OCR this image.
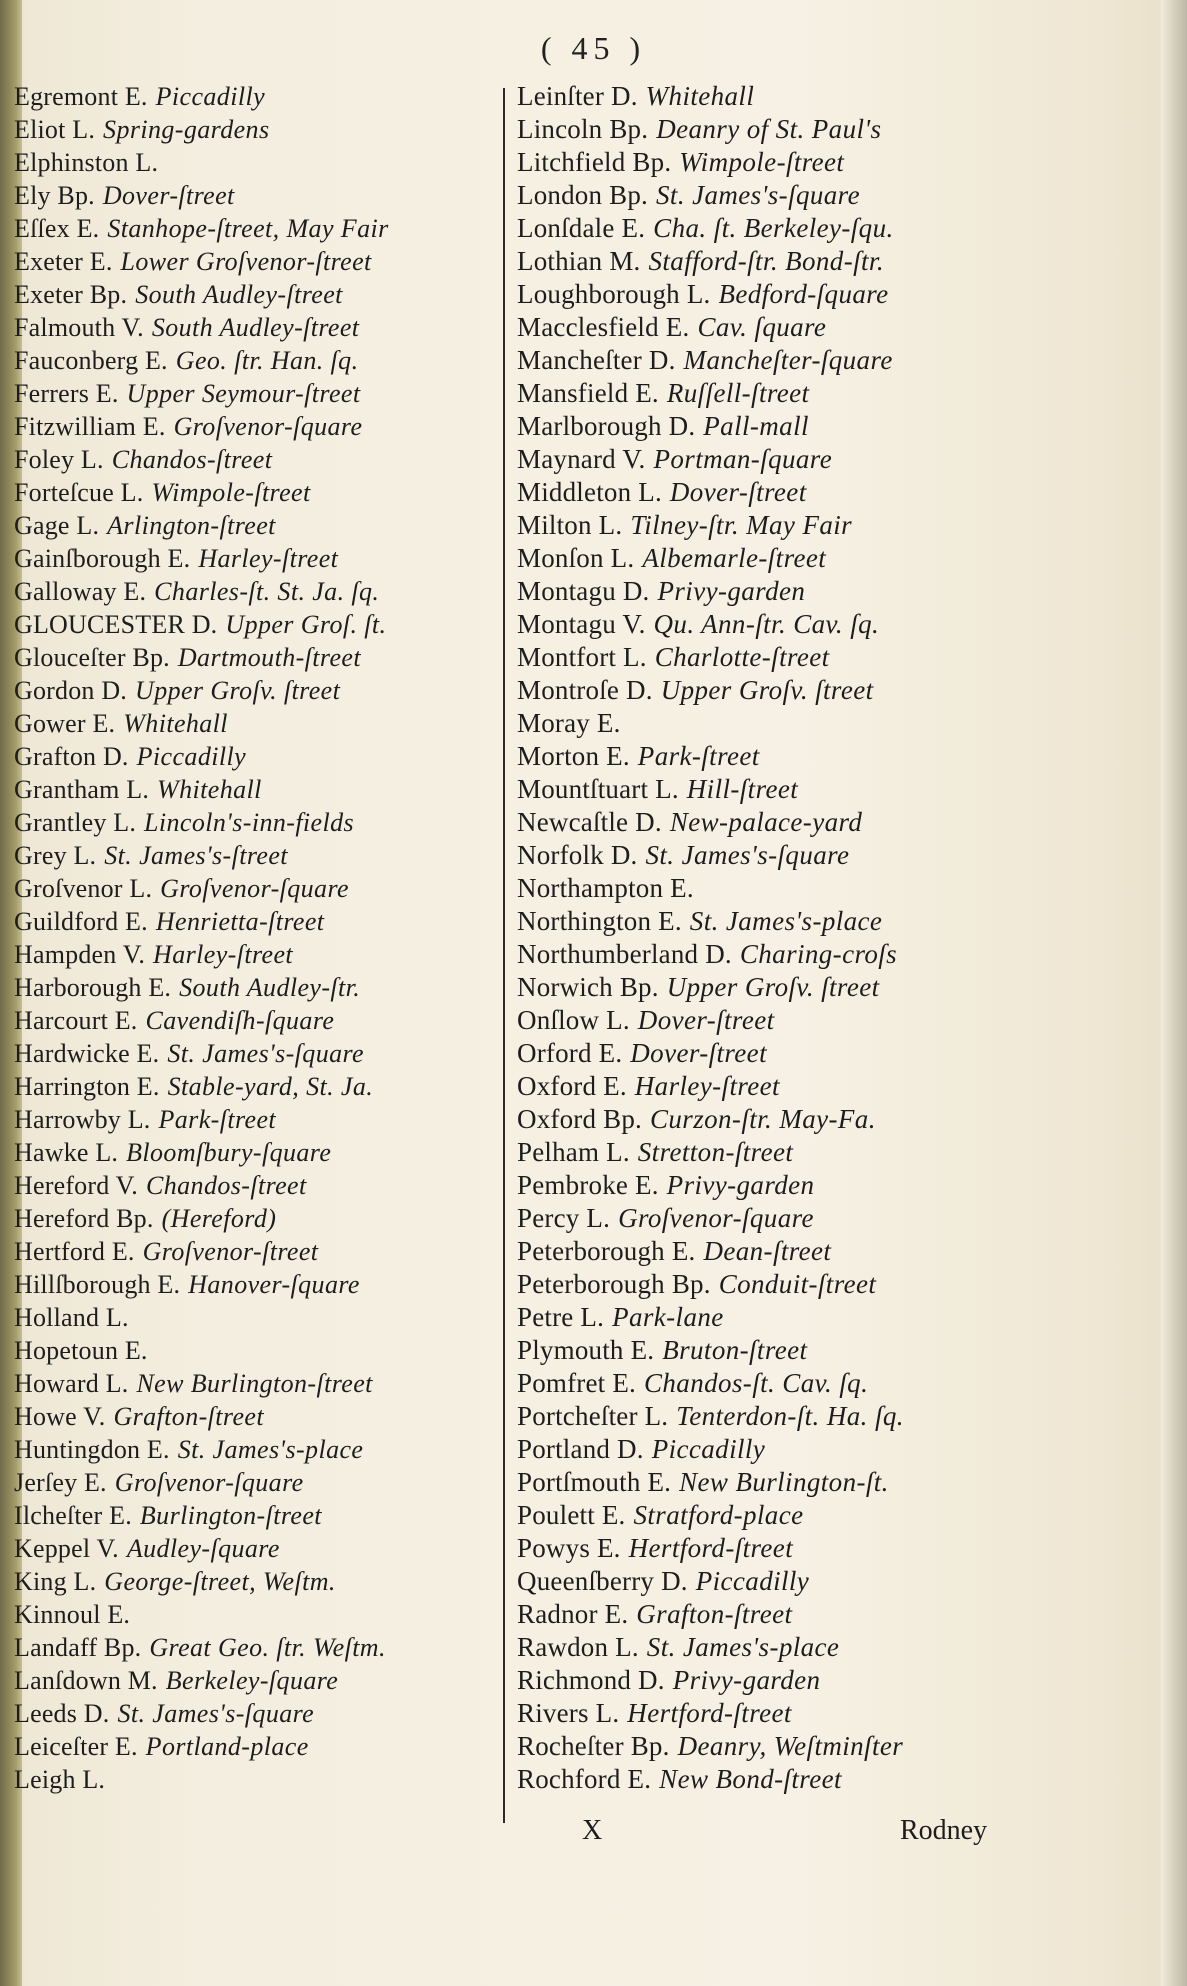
( 45 )
Egremont E. Piccadilly
Eliot L. Spring-gardens
Elphinston L.
Ely Bp. Dover-ſtreet
Eſſex E. Stanhope-ſtreet, May Fair
Exeter E. Lower Groſvenor-ſtreet
Exeter Bp. South Audley-ſtreet
Falmouth V. South Audley-ſtreet
Fauconberg E. Geo. ſtr. Han. ſq.
Ferrers E. Upper Seymour-ſtreet
Fitzwilliam E. Groſvenor-ſquare
Foley L. Chandos-ſtreet
Forteſcue L. Wimpole-ſtreet
Gage L. Arlington-ſtreet
Gainſborough E. Harley-ſtreet
Galloway E. Charles-ſt. St. Ja. ſq.
GLOUCESTER D. Upper Groſ. ſt.
Glouceſter Bp. Dartmouth-ſtreet
Gordon D. Upper Groſv. ſtreet
Gower E. Whitehall
Grafton D. Piccadilly
Grantham L. Whitehall
Grantley L. Lincoln's-inn-fields
Grey L. St. James's-ſtreet
Groſvenor L. Groſvenor-ſquare
Guildford E. Henrietta-ſtreet
Hampden V. Harley-ſtreet
Harborough E. South Audley-ſtr.
Harcourt E. Cavendiſh-ſquare
Hardwicke E. St. James's-ſquare
Harrington E. Stable-yard, St. Ja.
Harrowby L. Park-ſtreet
Hawke L. Bloomſbury-ſquare
Hereford V. Chandos-ſtreet
Hereford Bp. (Hereford)
Hertford E. Groſvenor-ſtreet
Hillſborough E. Hanover-ſquare
Holland L.
Hopetoun E.
Howard L. New Burlington-ſtreet
Howe V. Grafton-ſtreet
Huntingdon E. St. James's-place
Jerſey E. Groſvenor-ſquare
Ilcheſter E. Burlington-ſtreet
Keppel V. Audley-ſquare
King L. George-ſtreet, Weſtm.
Kinnoul E.
Landaff Bp. Great Geo. ſtr. Weſtm.
Lanſdown M. Berkeley-ſquare
Leeds D. St. James's-ſquare
Leiceſter E. Portland-place
Leigh L.
Leinſter D. Whitehall
Lincoln Bp. Deanry of St. Paul's
Litchfield Bp. Wimpole-ſtreet
London Bp. St. James's-ſquare
Lonſdale E. Cha. ſt. Berkeley-ſqu.
Lothian M. Stafford-ſtr. Bond-ſtr.
Loughborough L. Bedford-ſquare
Macclesfield E. Cav. ſquare
Mancheſter D. Mancheſter-ſquare
Mansfield E. Ruſſell-ſtreet
Marlborough D. Pall-mall
Maynard V. Portman-ſquare
Middleton L. Dover-ſtreet
Milton L. Tilney-ſtr. May Fair
Monſon L. Albemarle-ſtreet
Montagu D. Privy-garden
Montagu V. Qu. Ann-ſtr. Cav. ſq.
Montfort L. Charlotte-ſtreet
Montroſe D. Upper Groſv. ſtreet
Moray E.
Morton E. Park-ſtreet
Mountſtuart L. Hill-ſtreet
Newcaſtle D. New-palace-yard
Norfolk D. St. James's-ſquare
Northampton E.
Northington E. St. James's-place
Northumberland D. Charing-croſs
Norwich Bp. Upper Groſv. ſtreet
Onſlow L. Dover-ſtreet
Orford E. Dover-ſtreet
Oxford E. Harley-ſtreet
Oxford Bp. Curzon-ſtr. May-Fa.
Pelham L. Stretton-ſtreet
Pembroke E. Privy-garden
Percy L. Groſvenor-ſquare
Peterborough E. Dean-ſtreet
Peterborough Bp. Conduit-ſtreet
Petre L. Park-lane
Plymouth E. Bruton-ſtreet
Pomfret E. Chandos-ſt. Cav. ſq.
Portcheſter L. Tenterdon-ſt. Ha. ſq.
Portland D. Piccadilly
Portſmouth E. New Burlington-ſt.
Poulett E. Stratford-place
Powys E. Hertford-ſtreet
Queenſberry D. Piccadilly
Radnor E. Grafton-ſtreet
Rawdon L. St. James's-place
Richmond D. Privy-garden
Rivers L. Hertford-ſtreet
Rocheſter Bp. Deanry, Weſtminſter
Rochford E. New Bond-ſtreet
X	Rodney
